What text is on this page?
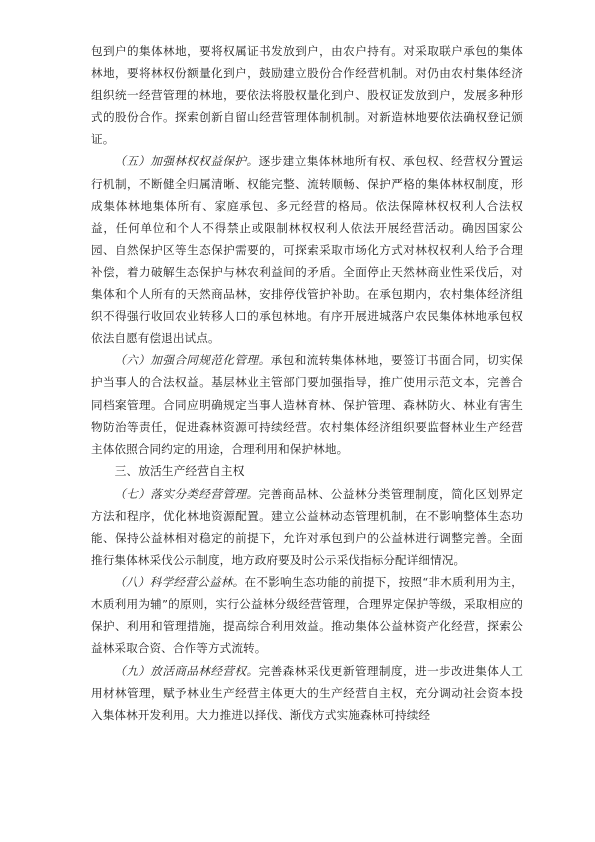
包到户的集体林地，要将权属证书发放到户，由农户持有。对采取联户承包的集体林地，要将林权份额量化到户，鼓励建立股份合作经营机制。对仍由农村集体经济组织统一经营管理的林地，要依法将股权量化到户、股权证发放到户，发展多种形式的股份合作。探索创新自留山经营管理体制机制。对新造林地要依法确权登记颁证。

（五）加强林权权益保护。逐步建立集体林地所有权、承包权、经营权分置运行机制，不断健全归属清晰、权能完整、流转顺畅、保护严格的集体林权制度，形成集体林地集体所有、家庭承包、多元经营的格局。依法保障林权权利人合法权益，任何单位和个人不得禁止或限制林权权利人依法开展经营活动。确因国家公园、自然保护区等生态保护需要的，可探索采取市场化方式对林权权利人给予合理补偿，着力破解生态保护与林农利益间的矛盾。全面停止天然林商业性采伐后，对集体和个人所有的天然商品林，安排停伐管护补助。在承包期内，农村集体经济组织不得强行收回农业转移人口的承包林地。有序开展进城落户农民集体林地承包权依法自愿有偿退出试点。

（六）加强合同规范化管理。承包和流转集体林地，要签订书面合同，切实保护当事人的合法权益。基层林业主管部门要加强指导，推广使用示范文本，完善合同档案管理。合同应明确规定当事人造林育林、保护管理、森林防火、林业有害生物防治等责任，促进森林资源可持续经营。农村集体经济组织要监督林业生产经营主体依照合同约定的用途，合理利用和保护林地。

三、放活生产经营自主权

（七）落实分类经营管理。完善商品林、公益林分类管理制度，简化区划界定方法和程序，优化林地资源配置。建立公益林动态管理机制，在不影响整体生态功能、保持公益林相对稳定的前提下，允许对承包到户的公益林进行调整完善。全面推行集体林采伐公示制度，地方政府要及时公示采伐指标分配详细情况。

（八）科学经营公益林。在不影响生态功能的前提下，按照“非木质利用为主，木质利用为辅”的原则，实行公益林分级经营管理，合理界定保护等级，采取相应的保护、利用和管理措施，提高综合利用效益。推动集体公益林资产化经营，探索公益林采取合资、合作等方式流转。

（九）放活商品林经营权。完善森林采伐更新管理制度，进一步改进集体人工用材林管理，赋予林业生产经营主体更大的生产经营自主权，充分调动社会资本投入集体林开发利用。大力推进以择伐、渐伐方式实施森林可持续经
